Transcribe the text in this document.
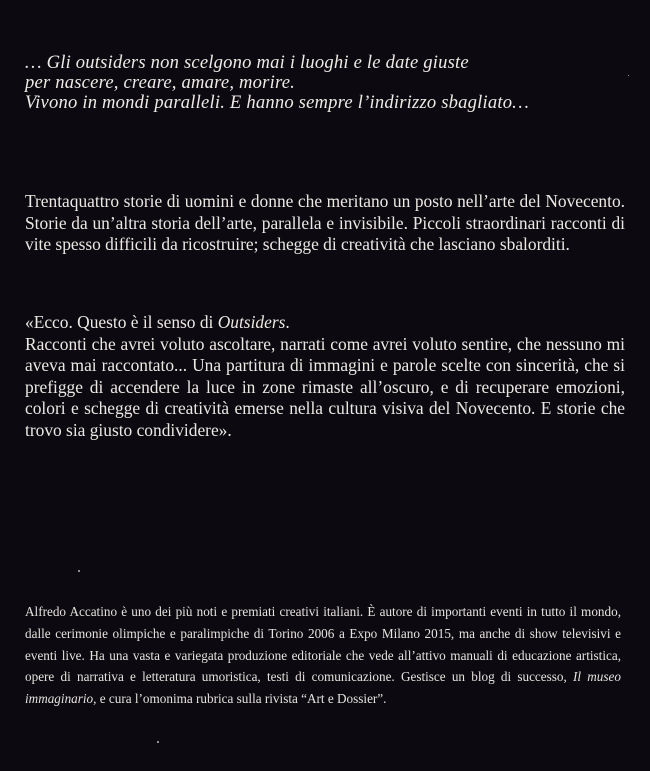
… Gli outsiders non scelgono mai i luoghi e le date giuste
per nascere, creare, amare, morire.
Vivono in mondi paralleli. E hanno sempre l’indirizzo sbagliato…
Trentaquattro storie di uomini e donne che meritano un posto nell’arte del Novecento. Storie da un’altra storia dell’arte, parallela e invisibile. Piccoli straordinari racconti di vite spesso difficili da ricostruire; schegge di creatività che lasciano sbalorditi.
«Ecco. Questo è il senso di Outsiders.
Racconti che avrei voluto ascoltare, narrati come avrei voluto sentire, che nessuno mi aveva mai raccontato... Una partitura di immagini e parole scelte con sincerità, che si prefigge di accendere la luce in zone rimaste all’oscuro, e di recuperare emozioni, colori e schegge di creatività emerse nella cultura visiva del Novecento. E storie che trovo sia giusto condividere».
Alfredo Accatino è uno dei più noti e premiati creativi italiani. È autore di importanti eventi in tutto il mondo, dalle cerimonie olimpiche e paralimpiche di Torino 2006 a Expo Milano 2015, ma anche di show televisivi e eventi live. Ha una vasta e variegata produzione editoriale che vede all’attivo manuali di educazione artistica, opere di narrativa e letteratura umoristica, testi di comunicazione. Gestisce un blog di successo, Il museo immaginario, e cura l’omonima rubrica sulla rivista “Art e Dossier”.
